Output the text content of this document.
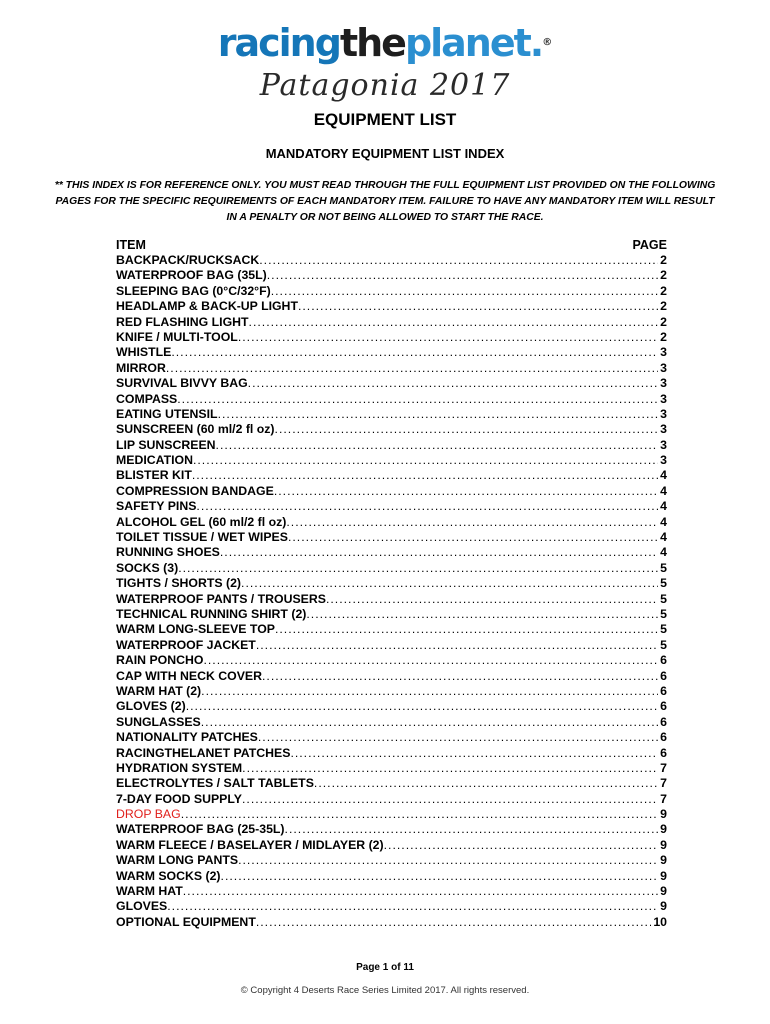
racingtheplanet.®
Patagonia 2017
EQUIPMENT LIST
MANDATORY EQUIPMENT LIST INDEX
** THIS INDEX IS FOR REFERENCE ONLY. YOU MUST READ THROUGH THE FULL EQUIPMENT LIST PROVIDED ON THE FOLLOWING PAGES FOR THE SPECIFIC REQUIREMENTS OF EACH MANDATORY ITEM. FAILURE TO HAVE ANY MANDATORY ITEM WILL RESULT IN A PENALTY OR NOT BEING ALLOWED TO START THE RACE.
ITEM	PAGE
BACKPACK/RUCKSACK .....	2
WATERPROOF BAG (35L) .....	2
SLEEPING BAG (0°C/32°F) .....	2
HEADLAMP & BACK-UP LIGHT .....	2
RED FLASHING LIGHT .....	2
KNIFE / MULTI-TOOL .....	2
WHISTLE .....	3
MIRROR .....	3
SURVIVAL BIVVY BAG .....	3
COMPASS .....	3
EATING UTENSIL .....	3
SUNSCREEN (60 ml/2 fl oz) .....	3
LIP SUNSCREEN .....	3
MEDICATION .....	3
BLISTER KIT .....	4
COMPRESSION BANDAGE .....	4
SAFETY PINS .....	4
ALCOHOL GEL (60 ml/2 fl oz) .....	4
TOILET TISSUE / WET WIPES .....	4
RUNNING SHOES .....	4
SOCKS (3) .....	5
TIGHTS / SHORTS (2) .....	5
WATERPROOF PANTS / TROUSERS .....	5
TECHNICAL RUNNING SHIRT (2) .....	5
WARM LONG-SLEEVE TOP .....	5
WATERPROOF JACKET .....	5
RAIN PONCHO .....	6
CAP WITH NECK COVER .....	6
WARM HAT (2) .....	6
GLOVES (2) .....	6
SUNGLASSES .....	6
NATIONALITY PATCHES .....	6
RACINGTHELANET PATCHES .....	6
HYDRATION SYSTEM .....	7
ELECTROLYTES / SALT TABLETS .....	7
7-DAY FOOD SUPPLY .....	7
DROP BAG .....	9
WATERPROOF BAG (25-35L) .....	9
WARM FLEECE / BASELAYER / MIDLAYER (2) .....	9
WARM LONG PANTS .....	9
WARM SOCKS (2) .....	9
WARM HAT .....	9
GLOVES .....	9
OPTIONAL EQUIPMENT .....	10
Page 1 of 11
© Copyright 4 Deserts Race Series Limited 2017. All rights reserved.
